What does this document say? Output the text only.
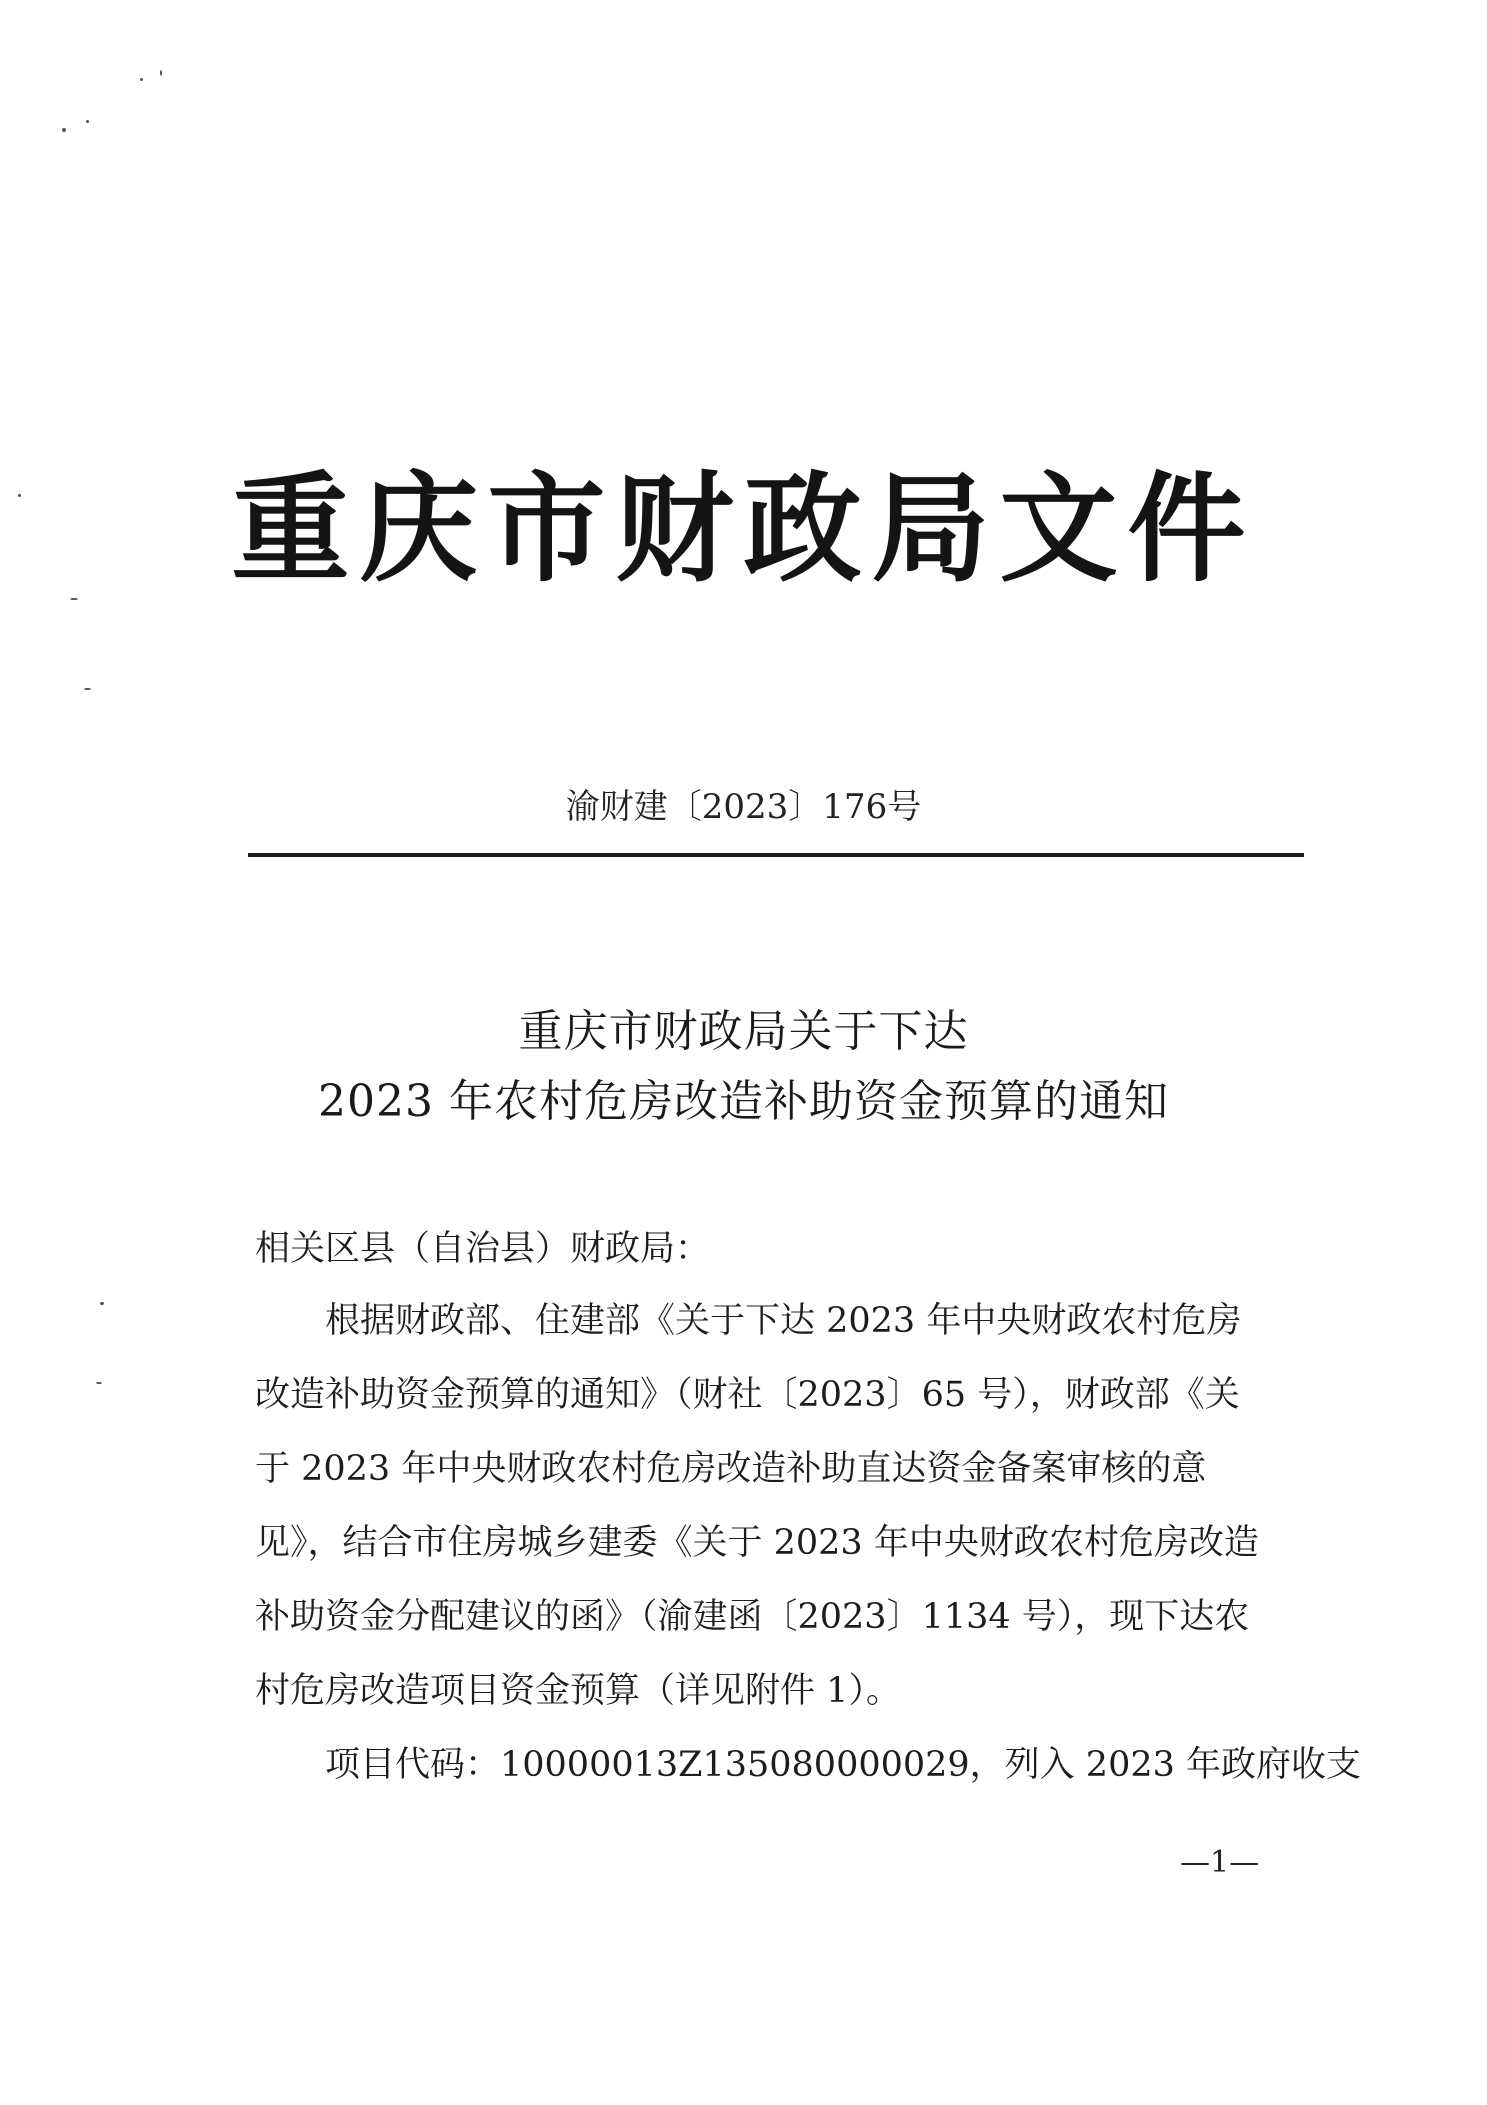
重庆市财政局文件
渝财建〔2023〕176号
重庆市财政局关于下达
2023 年农村危房改造补助资金预算的通知
相关区县（自治县）财政局：
根据财政部、住建部《关于下达 2023 年中央财政农村危房
改造补助资金预算的通知》（财社〔2023〕65 号），财政部《关
于 2023 年中央财政农村危房改造补助直达资金备案审核的意
见》，结合市住房城乡建委《关于 2023 年中央财政农村危房改造
补助资金分配建议的函》（渝建函〔2023〕1134 号），现下达农
村危房改造项目资金预算（详见附件 1）。
项目代码：10000013Z135080000029，列入 2023 年政府收支
—1—
